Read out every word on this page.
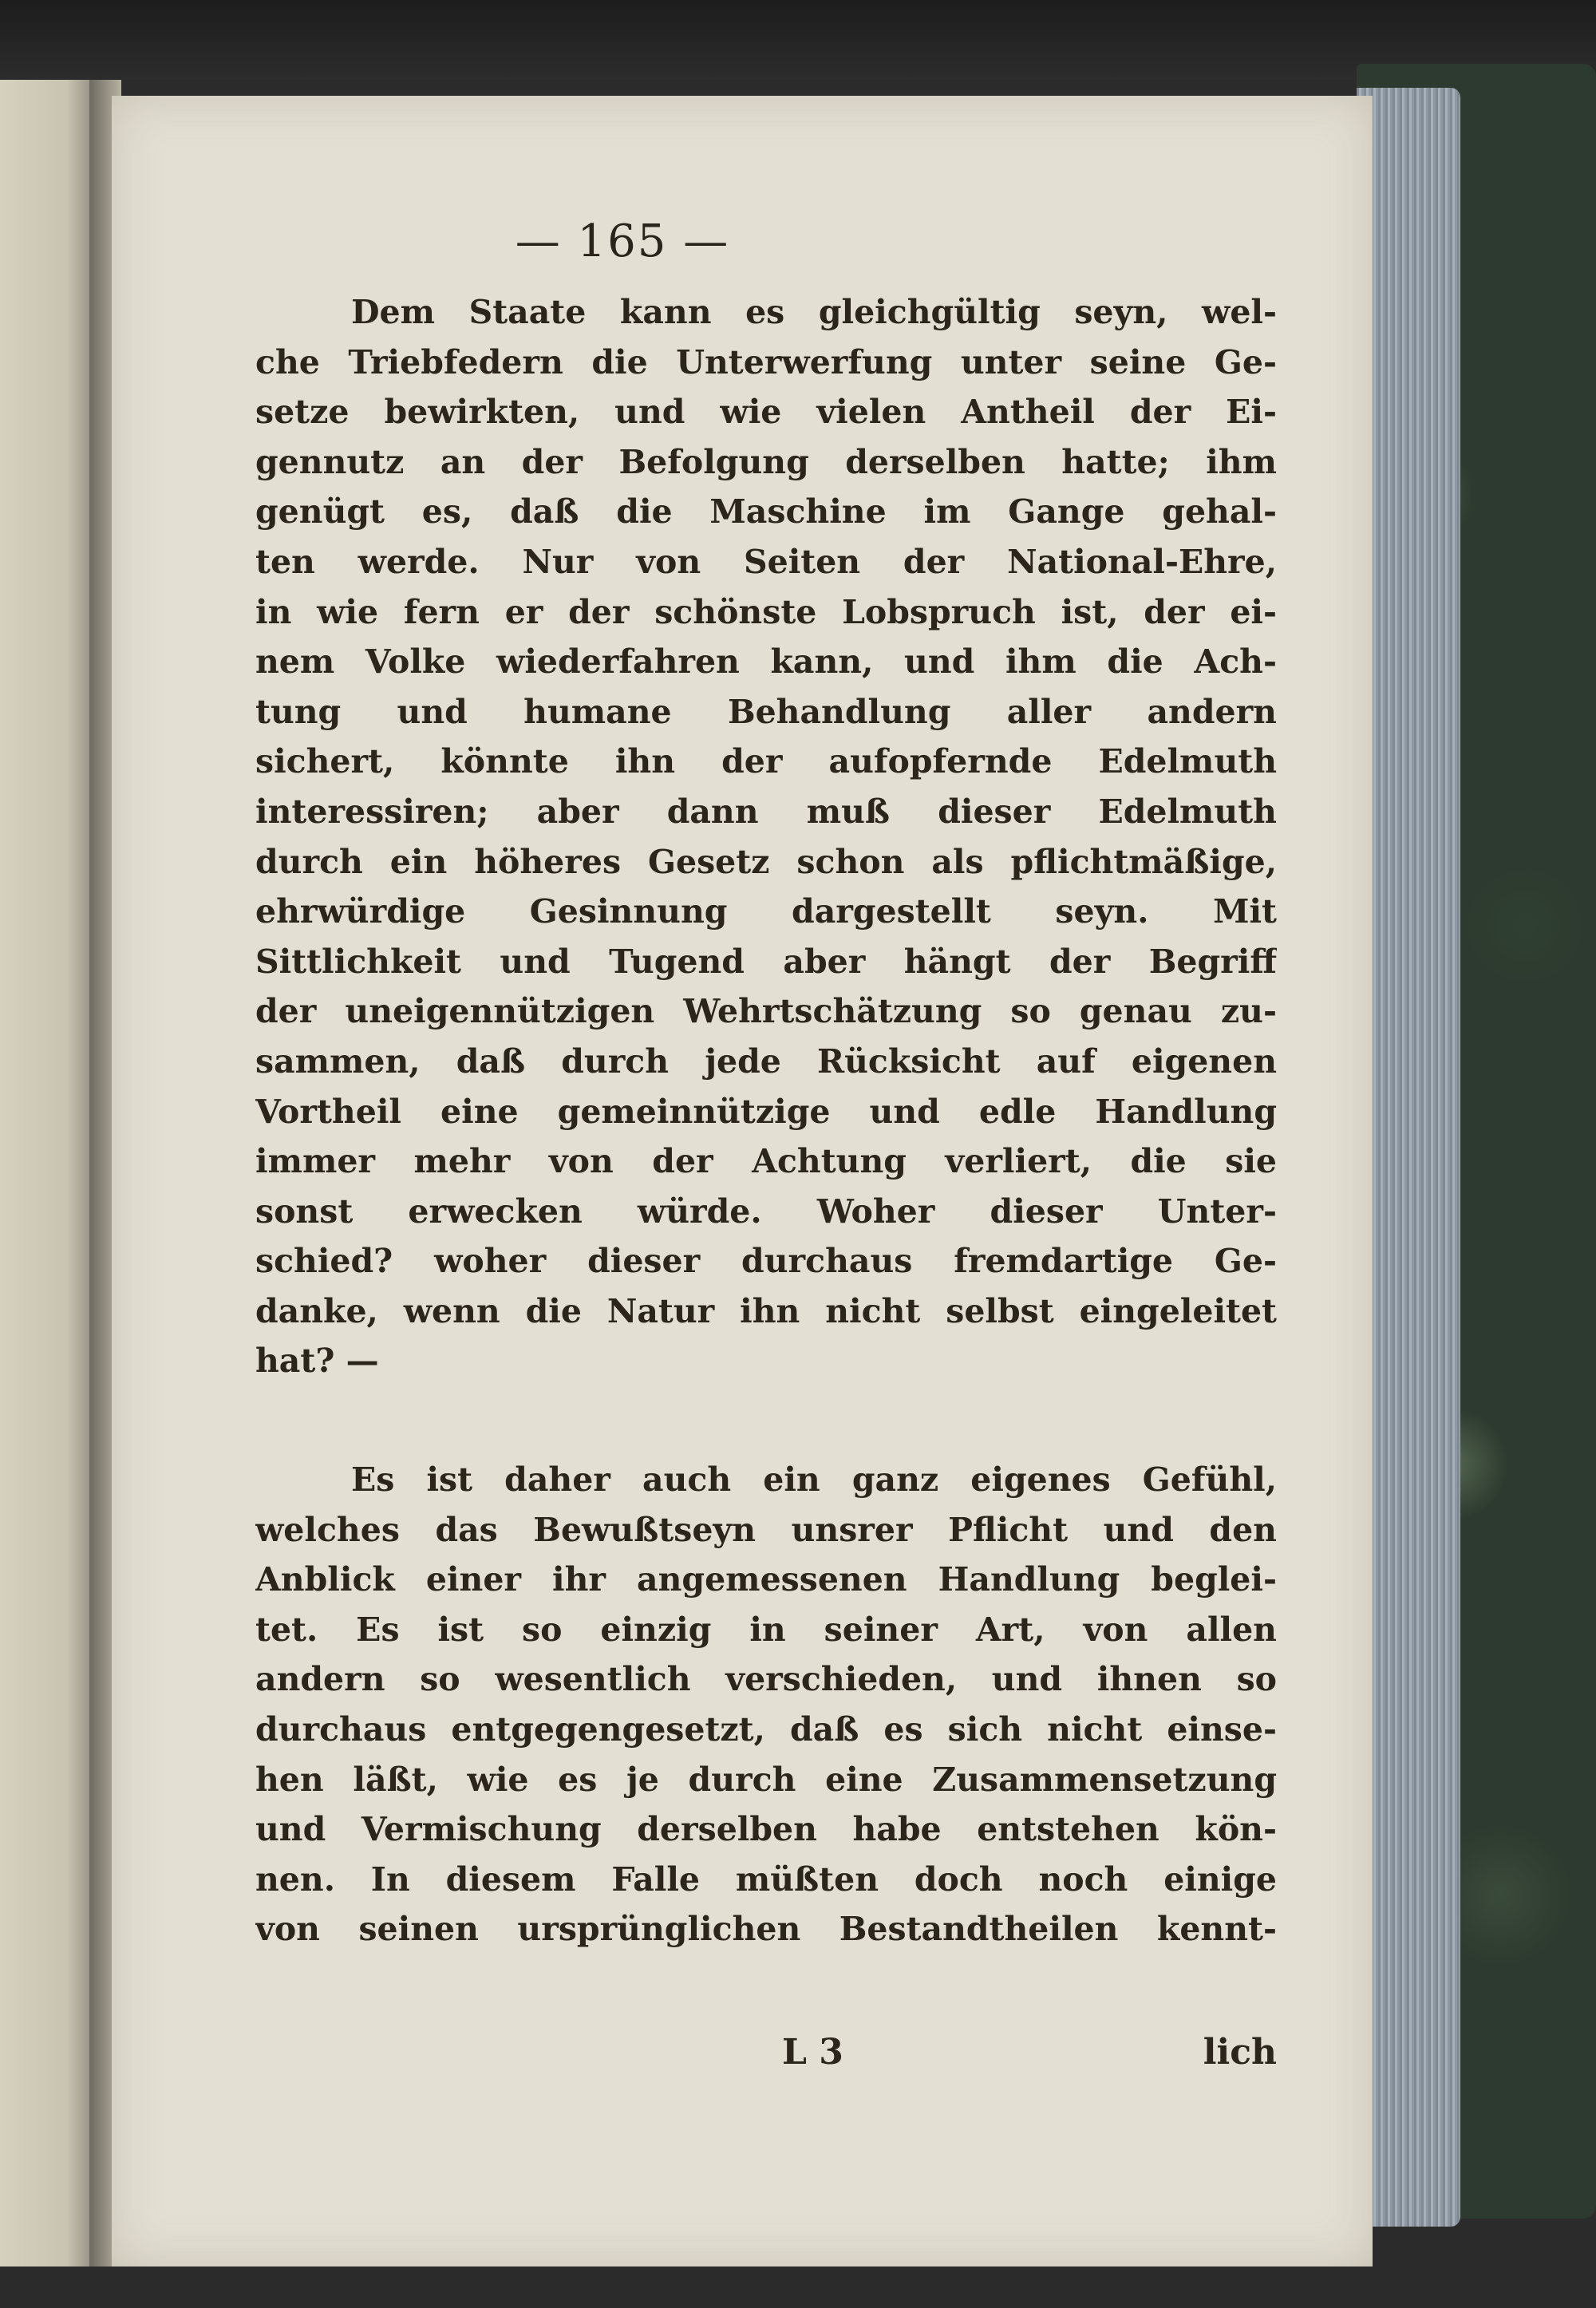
— 165 —
Dem Staate kann es gleichgültig seyn, wel-
che Triebfedern die Unterwerfung unter seine Ge-
setze bewirkten, und wie vielen Antheil der Ei-
gennutz an der Befolgung derselben hatte; ihm
genügt es, daß die Maschine im Gange gehal-
ten werde. Nur von Seiten der National-Ehre,
in wie fern er der schönste Lobspruch ist, der ei-
nem Volke wiederfahren kann, und ihm die Ach-
tung und humane Behandlung aller andern
sichert, könnte ihn der aufopfernde Edelmuth
interessiren; aber dann muß dieser Edelmuth
durch ein höheres Gesetz schon als pflichtmäßige,
ehrwürdige Gesinnung dargestellt seyn. Mit
Sittlichkeit und Tugend aber hängt der Begriff
der uneigennützigen Wehrtschätzung so genau zu-
sammen, daß durch jede Rücksicht auf eigenen
Vortheil eine gemeinnützige und edle Handlung
immer mehr von der Achtung verliert, die sie
sonst erwecken würde. Woher dieser Unter-
schied? woher dieser durchaus fremdartige Ge-
danke, wenn die Natur ihn nicht selbst eingeleitet
hat? —
Es ist daher auch ein ganz eigenes Gefühl,
welches das Bewußtseyn unsrer Pflicht und den
Anblick einer ihr angemessenen Handlung beglei-
tet. Es ist so einzig in seiner Art, von allen
andern so wesentlich verschieden, und ihnen so
durchaus entgegengesetzt, daß es sich nicht einse-
hen läßt, wie es je durch eine Zusammensetzung
und Vermischung derselben habe entstehen kön-
nen. In diesem Falle müßten doch noch einige
von seinen ursprünglichen Bestandtheilen kennt-
L 3	lich
